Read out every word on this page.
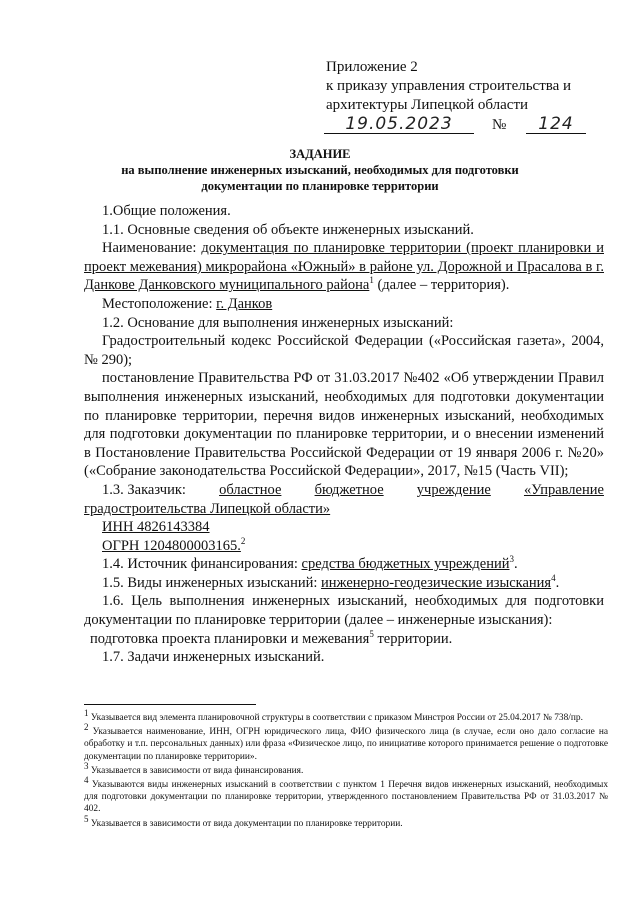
Приложение 2
к приказу управления строительства и
архитектуры Липецкой области
19.05.2023	№	124
ЗАДАНИЕ
на выполнение инженерных изысканий, необходимых для подготовки
документации по планировке территории

1.Общие положения.

1.1. Основные сведения об объекте инженерных изысканий.

Наименование: документация по планировке территории (проект планировки и проект межевания) микрорайона «Южный» в районе ул. Дорожной и Прасалова в г. Данкове Данковского муниципального района$^1$ (далее – территория).

Местоположение: г. Данков

1.2. Основание для выполнения инженерных изысканий:

Градостроительный кодекс Российской Федерации («Российская газета», 2004, № 290);

постановление Правительства РФ от 31.03.2017 №402 «Об утверждении Правил выполнения инженерных изысканий, необходимых для подготовки документации по планировке территории, перечня видов инженерных изысканий, необходимых для подготовки документации по планировке территории, и о внесении изменений в Постановление Правительства Российской Федерации от 19 января 2006 г. №20» («Собрание законодательства Российской Федерации», 2017, №15 (Часть VII);

1.3. Заказчик: областное бюджетное учреждение «Управление

градостроительства Липецкой области»

ИНН 4826143384

ОГРН 1204800003165.$^2$

1.4. Источник финансирования: средства бюджетных учреждений$^3$.

1.5. Виды инженерных изысканий: инженерно-геодезические изыскания$^4$.

1.6. Цель выполнения инженерных изысканий, необходимых для подготовки документации по планировке территории (далее – инженерные изыскания):

подготовка проекта планировки и межевания$^5$ территории.

1.7. Задачи инженерных изысканий.

$^1$ Указывается вид элемента планировочной структуры в соответствии с приказом Минстроя России от 25.04.2017 № 738/пр.

$^2$ Указывается наименование, ИНН, ОГРН юридического лица, ФИО физического лица (в случае, если оно дало согласие на обработку и т.п. персональных данных) или фраза «Физическое лицо, по инициативе которого принимается решение о подготовке документации по планировке территории».

$^3$ Указывается в зависимости от вида финансирования.

$^4$ Указываются виды инженерных изысканий в соответствии с пунктом 1 Перечня видов инженерных изысканий, необходимых для подготовки документации по планировке территории, утвержденного постановлением Правительства РФ от 31.03.2017 № 402.

$^5$ Указывается в зависимости от вида документации по планировке территории.
